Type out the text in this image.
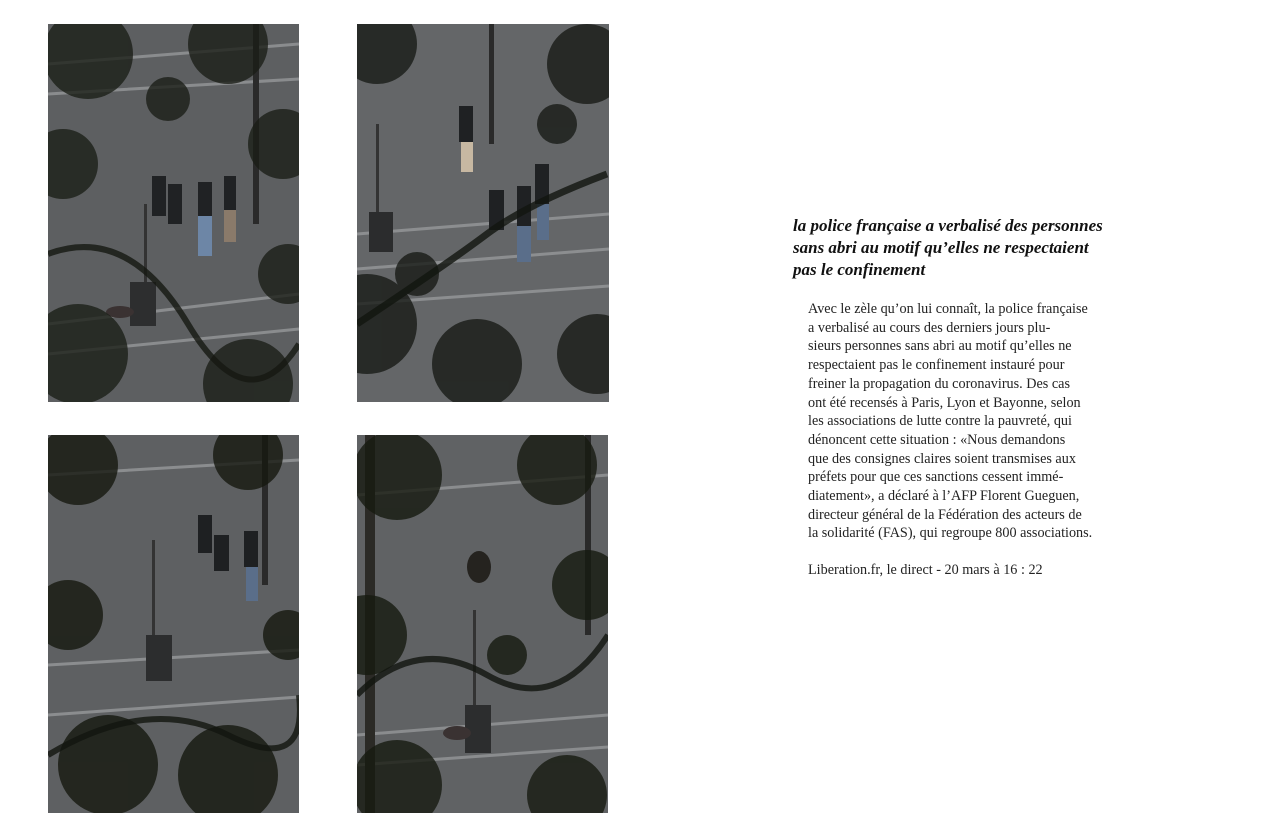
la police française a verbalisé des personnes
sans abri au motif qu’elles ne respectaient
pas le confinement

Avec le zèle qu’on lui connaît, la police française
a verbalisé au cours des derniers jours plu-
sieurs personnes sans abri au motif qu’elles ne
respectaient pas le confinement instauré pour
freiner la propagation du coronavirus. Des cas
ont été recensés à Paris, Lyon et Bayonne, selon
les associations de lutte contre la pauvreté, qui
dénoncent cette situation : «Nous demandons
que des consignes claires soient transmises aux
préfets pour que ces sanctions cessent immé-
diatement», a déclaré à l’AFP Florent Gueguen,
directeur général de la Fédération des acteurs de
la solidarité (FAS), qui regroupe 800 associations.

Liberation.fr, le direct - 20 mars à 16 : 22
